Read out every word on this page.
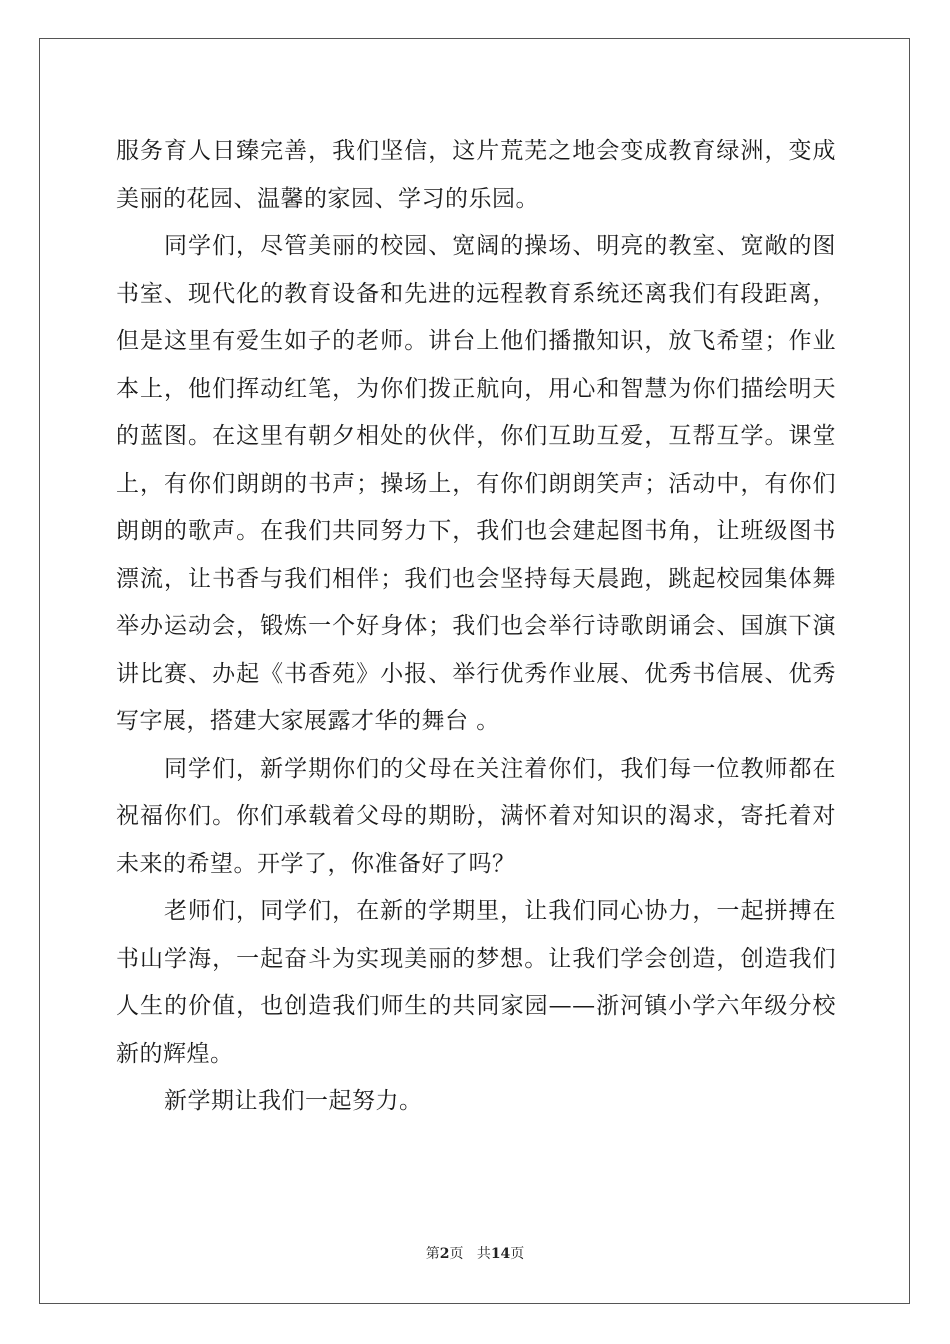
服务育人日臻完善，我们坚信，这片荒芜之地会变成教育绿洲，变成美丽的花园、温馨的家园、学习的乐园。

同学们，尽管美丽的校园、宽阔的操场、明亮的教室、宽敞的图书室、现代化的教育设备和先进的远程教育系统还离我们有段距离，但是这里有爱生如子的老师。讲台上他们播撒知识，放飞希望；作业本上，他们挥动红笔，为你们拨正航向，用心和智慧为你们描绘明天的蓝图。在这里有朝夕相处的伙伴，你们互助互爱，互帮互学。课堂上，有你们朗朗的书声；操场上，有你们朗朗笑声；活动中，有你们朗朗的歌声。在我们共同努力下，我们也会建起图书角，让班级图书漂流，让书香与我们相伴；我们也会坚持每天晨跑，跳起校园集体舞举办运动会，锻炼一个好身体；我们也会举行诗歌朗诵会、国旗下演讲比赛、办起《书香苑》小报、举行优秀作业展、优秀书信展、优秀写字展，搭建大家展露才华的舞台 。

同学们，新学期你们的父母在关注着你们，我们每一位教师都在祝福你们。你们承载着父母的期盼，满怀着对知识的渴求，寄托着对未来的希望。开学了，你准备好了吗？

老师们，同学们，在新的学期里，让我们同心协力，一起拼搏在书山学海，一起奋斗为实现美丽的梦想。让我们学会创造，创造我们人生的价值，也创造我们师生的共同家园——浙河镇小学六年级分校新的辉煌。

新学期让我们一起努力。

第2页 共14页
